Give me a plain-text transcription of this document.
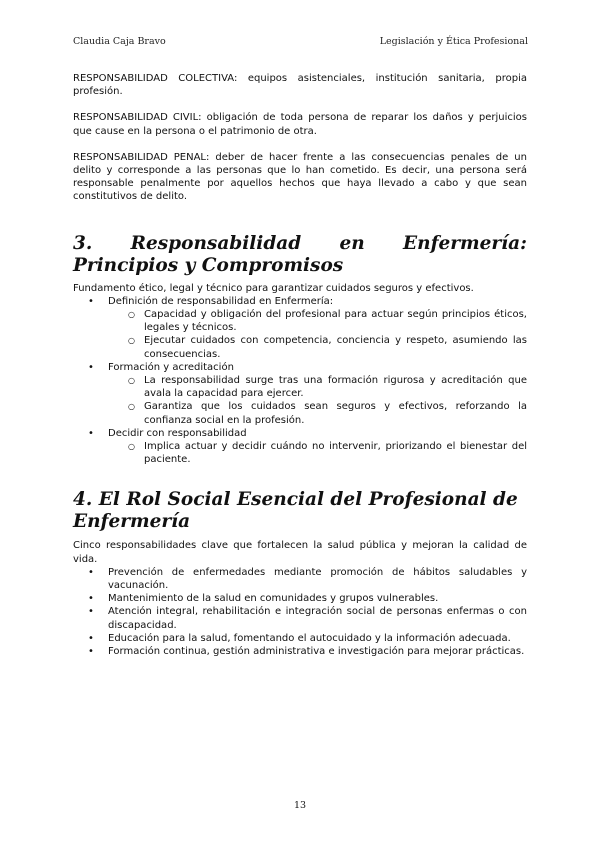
Claudia Caja Bravo	Legislación y Ética Profesional

RESPONSABILIDAD COLECTIVA: equipos asistenciales, institución sanitaria, propia profesión.

RESPONSABILIDAD CIVIL: obligación de toda persona de reparar los daños y perjuicios que cause en la persona o el patrimonio de otra.

RESPONSABILIDAD PENAL: deber de hacer frente a las consecuencias penales de un delito y corresponde a las personas que lo han cometido. Es decir, una persona será responsable penalmente por aquellos hechos que haya llevado a cabo y que sean constitutivos de delito.

3. Responsabilidad en Enfermería: Principios y Compromisos

Fundamento ético, legal y técnico para garantizar cuidados seguros y efectivos.

• Definición de responsabilidad en Enfermería:
○ Capacidad y obligación del profesional para actuar según principios éticos, legales y técnicos.
○ Ejecutar cuidados con competencia, conciencia y respeto, asumiendo las consecuencias.
• Formación y acreditación
○ La responsabilidad surge tras una formación rigurosa y acreditación que avala la capacidad para ejercer.
○ Garantiza que los cuidados sean seguros y efectivos, reforzando la confianza social en la profesión.
• Decidir con responsabilidad
○ Implica actuar y decidir cuándo no intervenir, priorizando el bienestar del paciente.
4. El Rol Social Esencial del Profesional de Enfermería

Cinco responsabilidades clave que fortalecen la salud pública y mejoran la calidad de vida.

• Prevención de enfermedades mediante promoción de hábitos saludables y vacunación.
• Mantenimiento de la salud en comunidades y grupos vulnerables.
• Atención integral, rehabilitación e integración social de personas enfermas o con discapacidad.
• Educación para la salud, fomentando el autocuidado y la información adecuada.
• Formación continua, gestión administrativa e investigación para mejorar prácticas.
13
